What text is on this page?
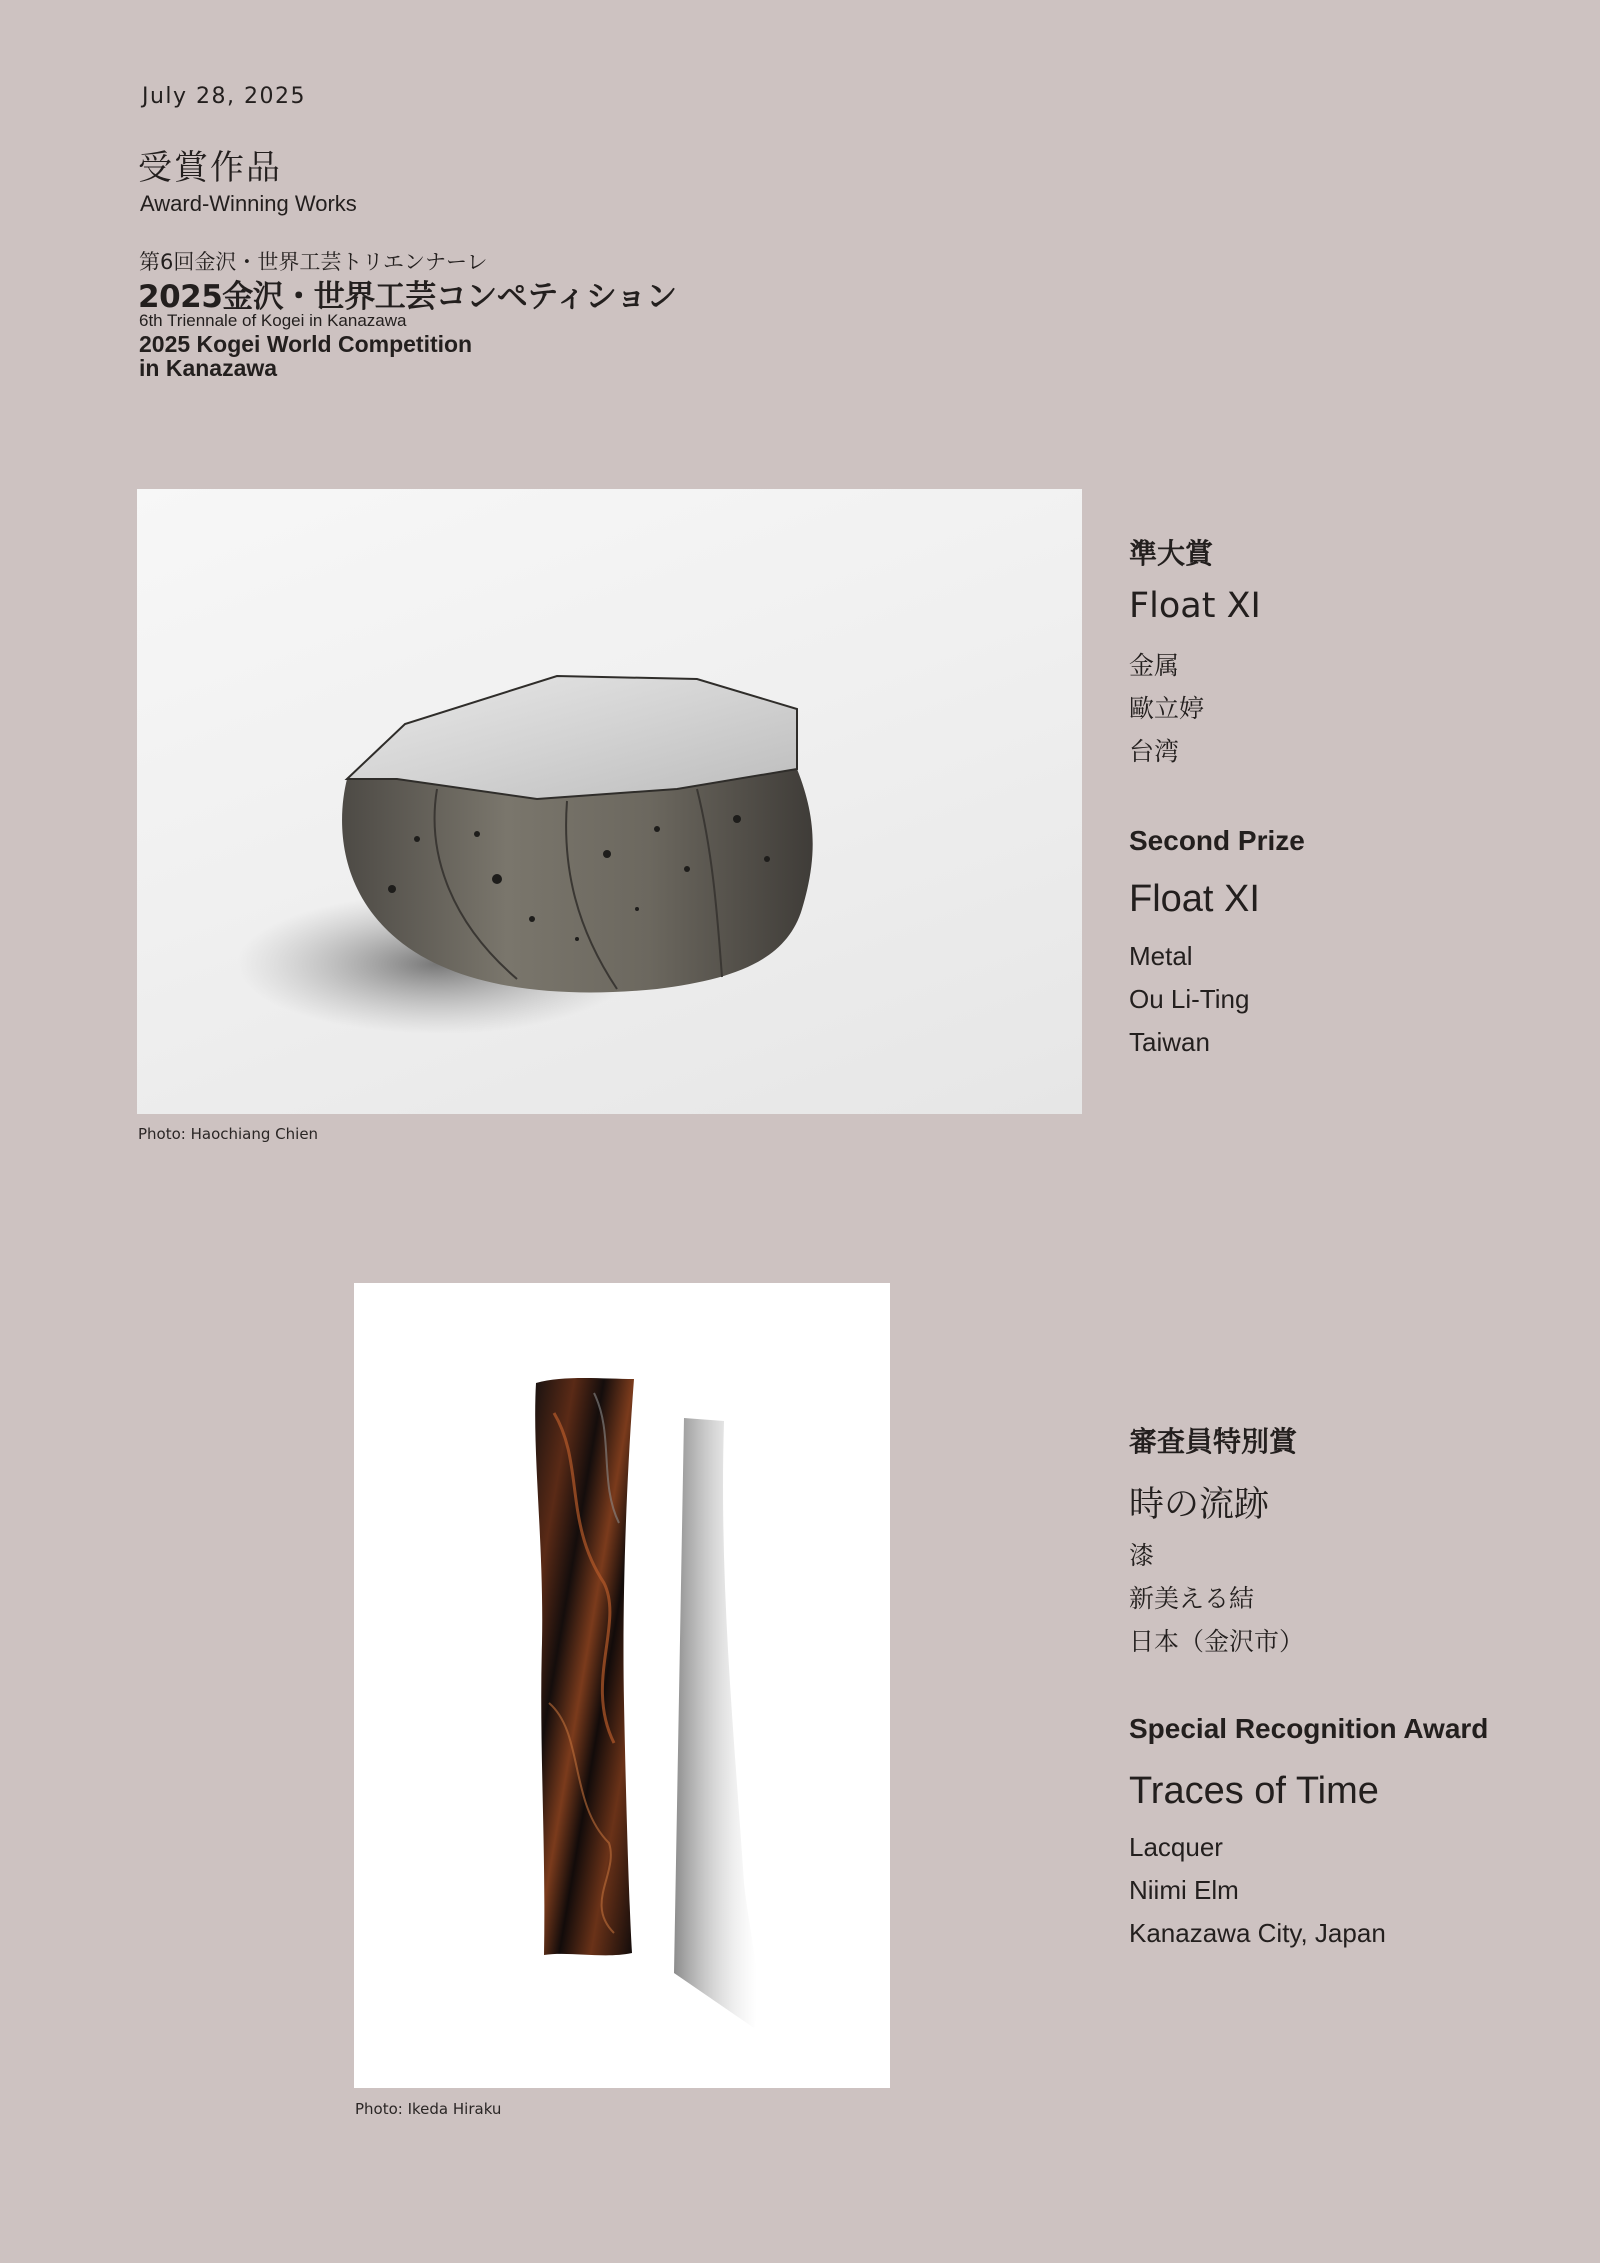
July 28, 2025
受賞作品
Award-Winning Works
第6回金沢・世界工芸トリエンナーレ
2025金沢・世界工芸コンペティション
6th Triennale of Kogei in Kanazawa
2025 Kogei World Competition
in Kanazawa
Photo: Haochiang Chien
準大賞
Float XI
金属
歐立婷
台湾
Second Prize
Float XI
Metal
Ou Li-Ting
Taiwan
Photo: Ikeda Hiraku
審査員特別賞
時の流跡
漆
新美える結
日本（金沢市）
Special Recognition Award
Traces of Time
Lacquer
Niimi Elm
Kanazawa City, Japan
